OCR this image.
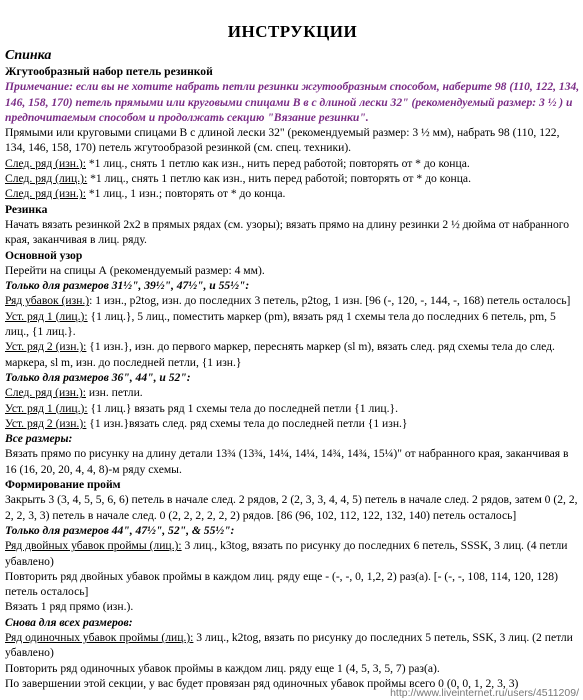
ИНСТРУКЦИИ
Спинка

Жгутообразный набор петель резинкой

Примечание: если вы не хотите набрать петли резинки жгутообразным способом, наберите 98 (110, 122, 134, 146, 158, 170) петель прямыми или круговыми спицами В в с длиной лески 32" (рекомендуемый размер: 3 ½ ) и предпочитаемым способом и продолжать секцию "Вязание резинки".

Прямыми или круговыми спицами В с длиной лески 32" (рекомендуемый размер: 3 ½ мм), набрать 98 (110, 122, 134, 146, 158, 170) петель жгутообразой резинкой (см. спец. техники).

След. ряд (изн.): *1 лиц., снять 1 петлю как изн., нить перед работой; повторять от * до конца.

След. ряд (лиц.): *1 лиц., снять 1 петлю как изн., нить перед работой; повторять от * до конца.

След. ряд (изн.): *1 лиц., 1 изн.; повторять от * до конца.

Резинка

Начать вязать резинкой 2х2 в прямых рядах (см. узоры); вязать прямо на длину резинки 2 ½ дюйма от набранного края, заканчивая в лиц. ряду.

Основной узор

Перейти на спицы А (рекомендуемый размер: 4 мм).

Только для размеров 31½", 39½", 47½", и 55½":

Ряд убавок (изн.): 1 изн., p2tog, изн. до последних 3 петель, p2tog, 1 изн. [96 (-, 120, -, 144, -, 168) петель осталось]

Уст. ряд 1 (лиц.): {1 лиц.}, 5 лиц., поместить маркер (pm), вязать ряд 1 схемы тела до последних 6 петель, pm, 5 лиц., {1 лиц.}.

Уст. ряд 2 (изн.): {1 изн.}, изн. до первого маркер, переснять маркер (sl m), вязать след. ряд схемы тела до след. маркера, sl m, изн. до последней петли, {1 изн.}

Только для размеров 36", 44", и 52":

След. ряд (изн.): изн. петли.

Уст. ряд 1 (лиц.): {1 лиц.} вязать ряд 1 схемы тела до последней петли {1 лиц.}.

Уст. ряд 2 (изн.): {1 изн.}вязать след. ряд схемы тела до последней петли {1 изн.}

Все размеры:

Вязать прямо по рисунку на длину детали 13¾ (13¾, 14¼, 14¼, 14¾, 14¾, 15¼)" от набранного края, заканчивая в 16 (16, 20, 20, 4, 4, 8)-м ряду схемы.

Формирование пройм

Закрыть 3 (3, 4, 5, 5, 6, 6) петель в начале след. 2 рядов, 2 (2, 3, 3, 4, 4, 5) петель в начале след. 2 рядов, затем 0 (2, 2, 2, 2, 3, 3) петель в начале след. 0 (2, 2, 2, 2, 2, 2) рядов. [86 (96, 102, 112, 122, 132, 140) петель осталось]

Только для размеров 44", 47½", 52", & 55½":

Ряд двойных убавок проймы (лиц.): 3 лиц., k3tog, вязать по рисунку до последних 6 петель, SSSK, 3 лиц. (4 петли убавлено)

Повторить ряд двойных убавок проймы в каждом лиц. ряду еще - (-, -, 0, 1,2, 2) раз(а). [- (-, -, 108, 114, 120, 128) петель осталось]

Вязать 1 ряд прямо (изн.).

Снова для всех размеров:

Ряд одиночных убавок проймы (лиц.): 3 лиц., k2tog, вязать по рисунку до последних 5 петель, SSK, 3 лиц. (2 петли убавлено)

Повторить ряд одиночных убавок проймы в каждом лиц. ряду еще 1 (4, 5, 3, 5, 7) раз(а).

По завершении этой секции, у вас будет провязан ряд одиночных убавок проймы всего 0 (0, 0, 1, 2, 3, 3)

http://www.liveinternet.ru/users/4511209/
